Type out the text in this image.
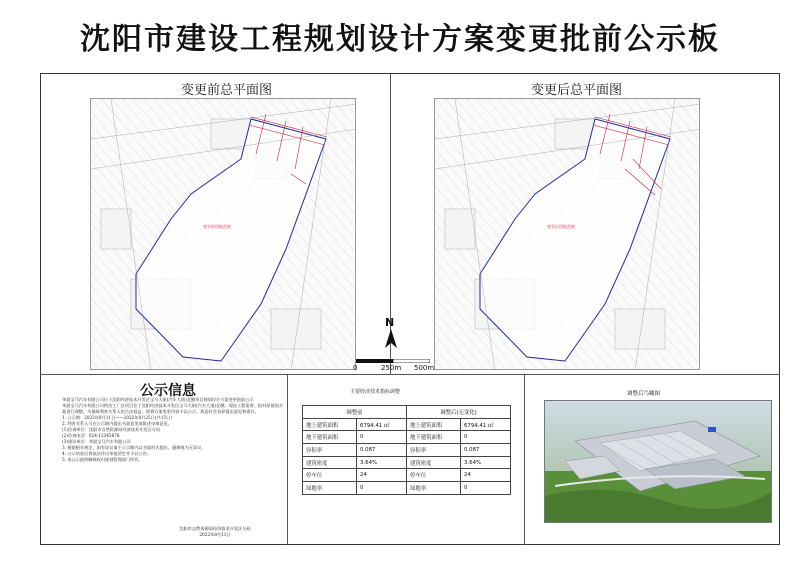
沈阳市建设工程规划设计方案变更批前公示板
变更前总平面图
变更前用地范围
变更后总平面图
变更后用地范围
N
0	250m 500m
公示信息

华晨宝马汽车有限公司位于沈阳经济技术开发区宝马大街(汽车大道)北侧项目规划设计方案变更批前公示

华晨宝马汽车有限公司铁西工厂区项目位于沈阳经济技术开发区宝马大街(汽车大道)北侧。现因工程需要，拟对原规划方案进行调整。为保障利害关系人的合法权益，现将方案变更内容予以公示，欢迎社会各界提出意见和建议。

1. 公示期：2022年8月11日——2022年8月25日(共15日)

2. 利害关系人可在公示期内提出书面意见或陈述申辩意见。

(1)咨询单位：沈阳市自然资源局经济技术开发区分局

(2)咨询电话：024-12345678

(3)建设单位：华晨宝马汽车有限公司

3. 根据相关规定，如有异议请于公示期内以书面形式提出，逾期视为无异议。

4. 公示结束后将依法作出审批决定并予以公告。

5. 本公示最终解释权归规划管理部门所有。

沈阳市自然资源局经济技术开发区分局
2022年8月11日
主要经济技术指标调整
调整前		调整后(无变化)	
地上建筑面积	6794.41 ㎡	地上建筑面积	6794.41 ㎡
地下建筑面积	0	地下建筑面积	0
容积率	0.087	容积率	0.087
建筑密度	3.64%	建筑密度	3.64%
停车位	24	停车位	24
绿地率	0	绿地率	0
调整后鸟瞰图
